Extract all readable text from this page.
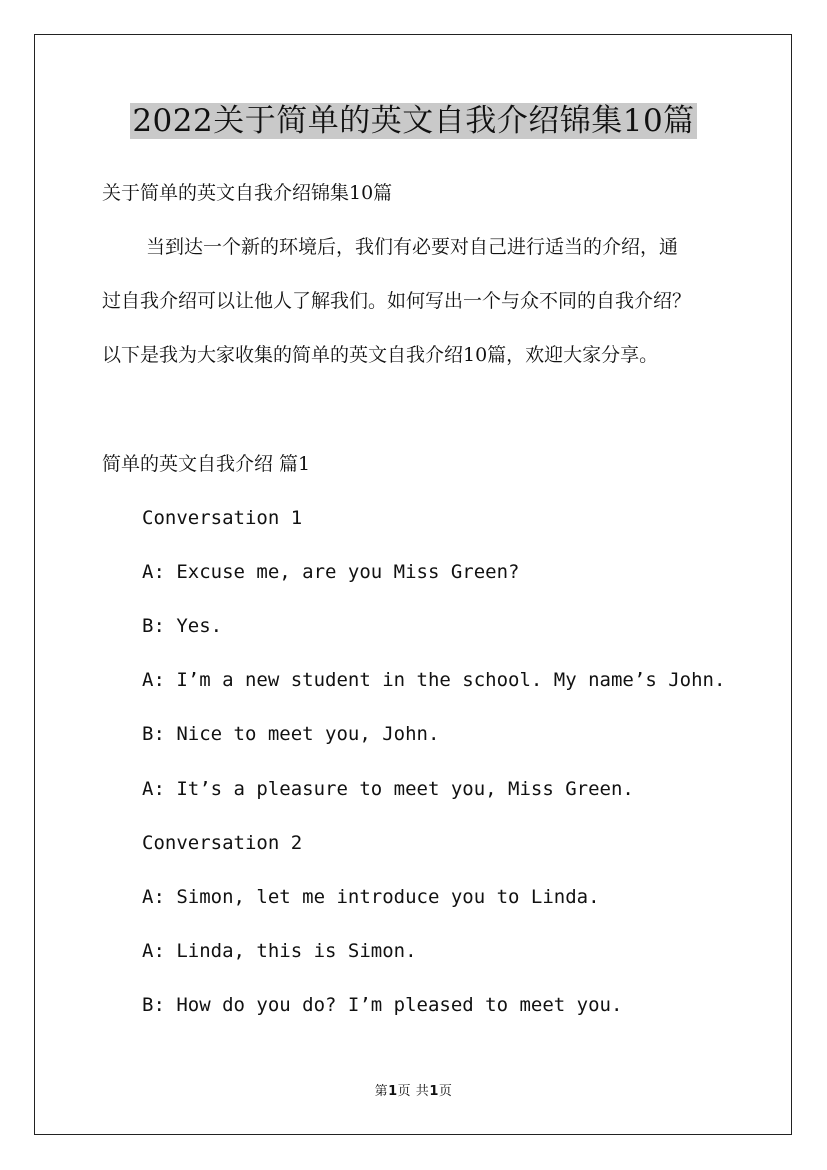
2022关于简单的英文自我介绍锦集10篇
关于简单的英文自我介绍锦集10篇
当到达一个新的环境后，我们有必要对自己进行适当的介绍，通
过自我介绍可以让他人了解我们。如何写出一个与众不同的自我介绍？
以下是我为大家收集的简单的英文自我介绍10篇，欢迎大家分享。
简单的英文自我介绍 篇1
Conversation 1
A: Excuse me, are you Miss Green?
B: Yes.
A: I’m a new student in the school. My name’s John.
B: Nice to meet you, John.
A: It’s a pleasure to meet you, Miss Green.
Conversation 2
A: Simon, let me introduce you to Linda.
A: Linda, this is Simon.
B: How do you do? I’m pleased to meet you.
第1页 共1页
